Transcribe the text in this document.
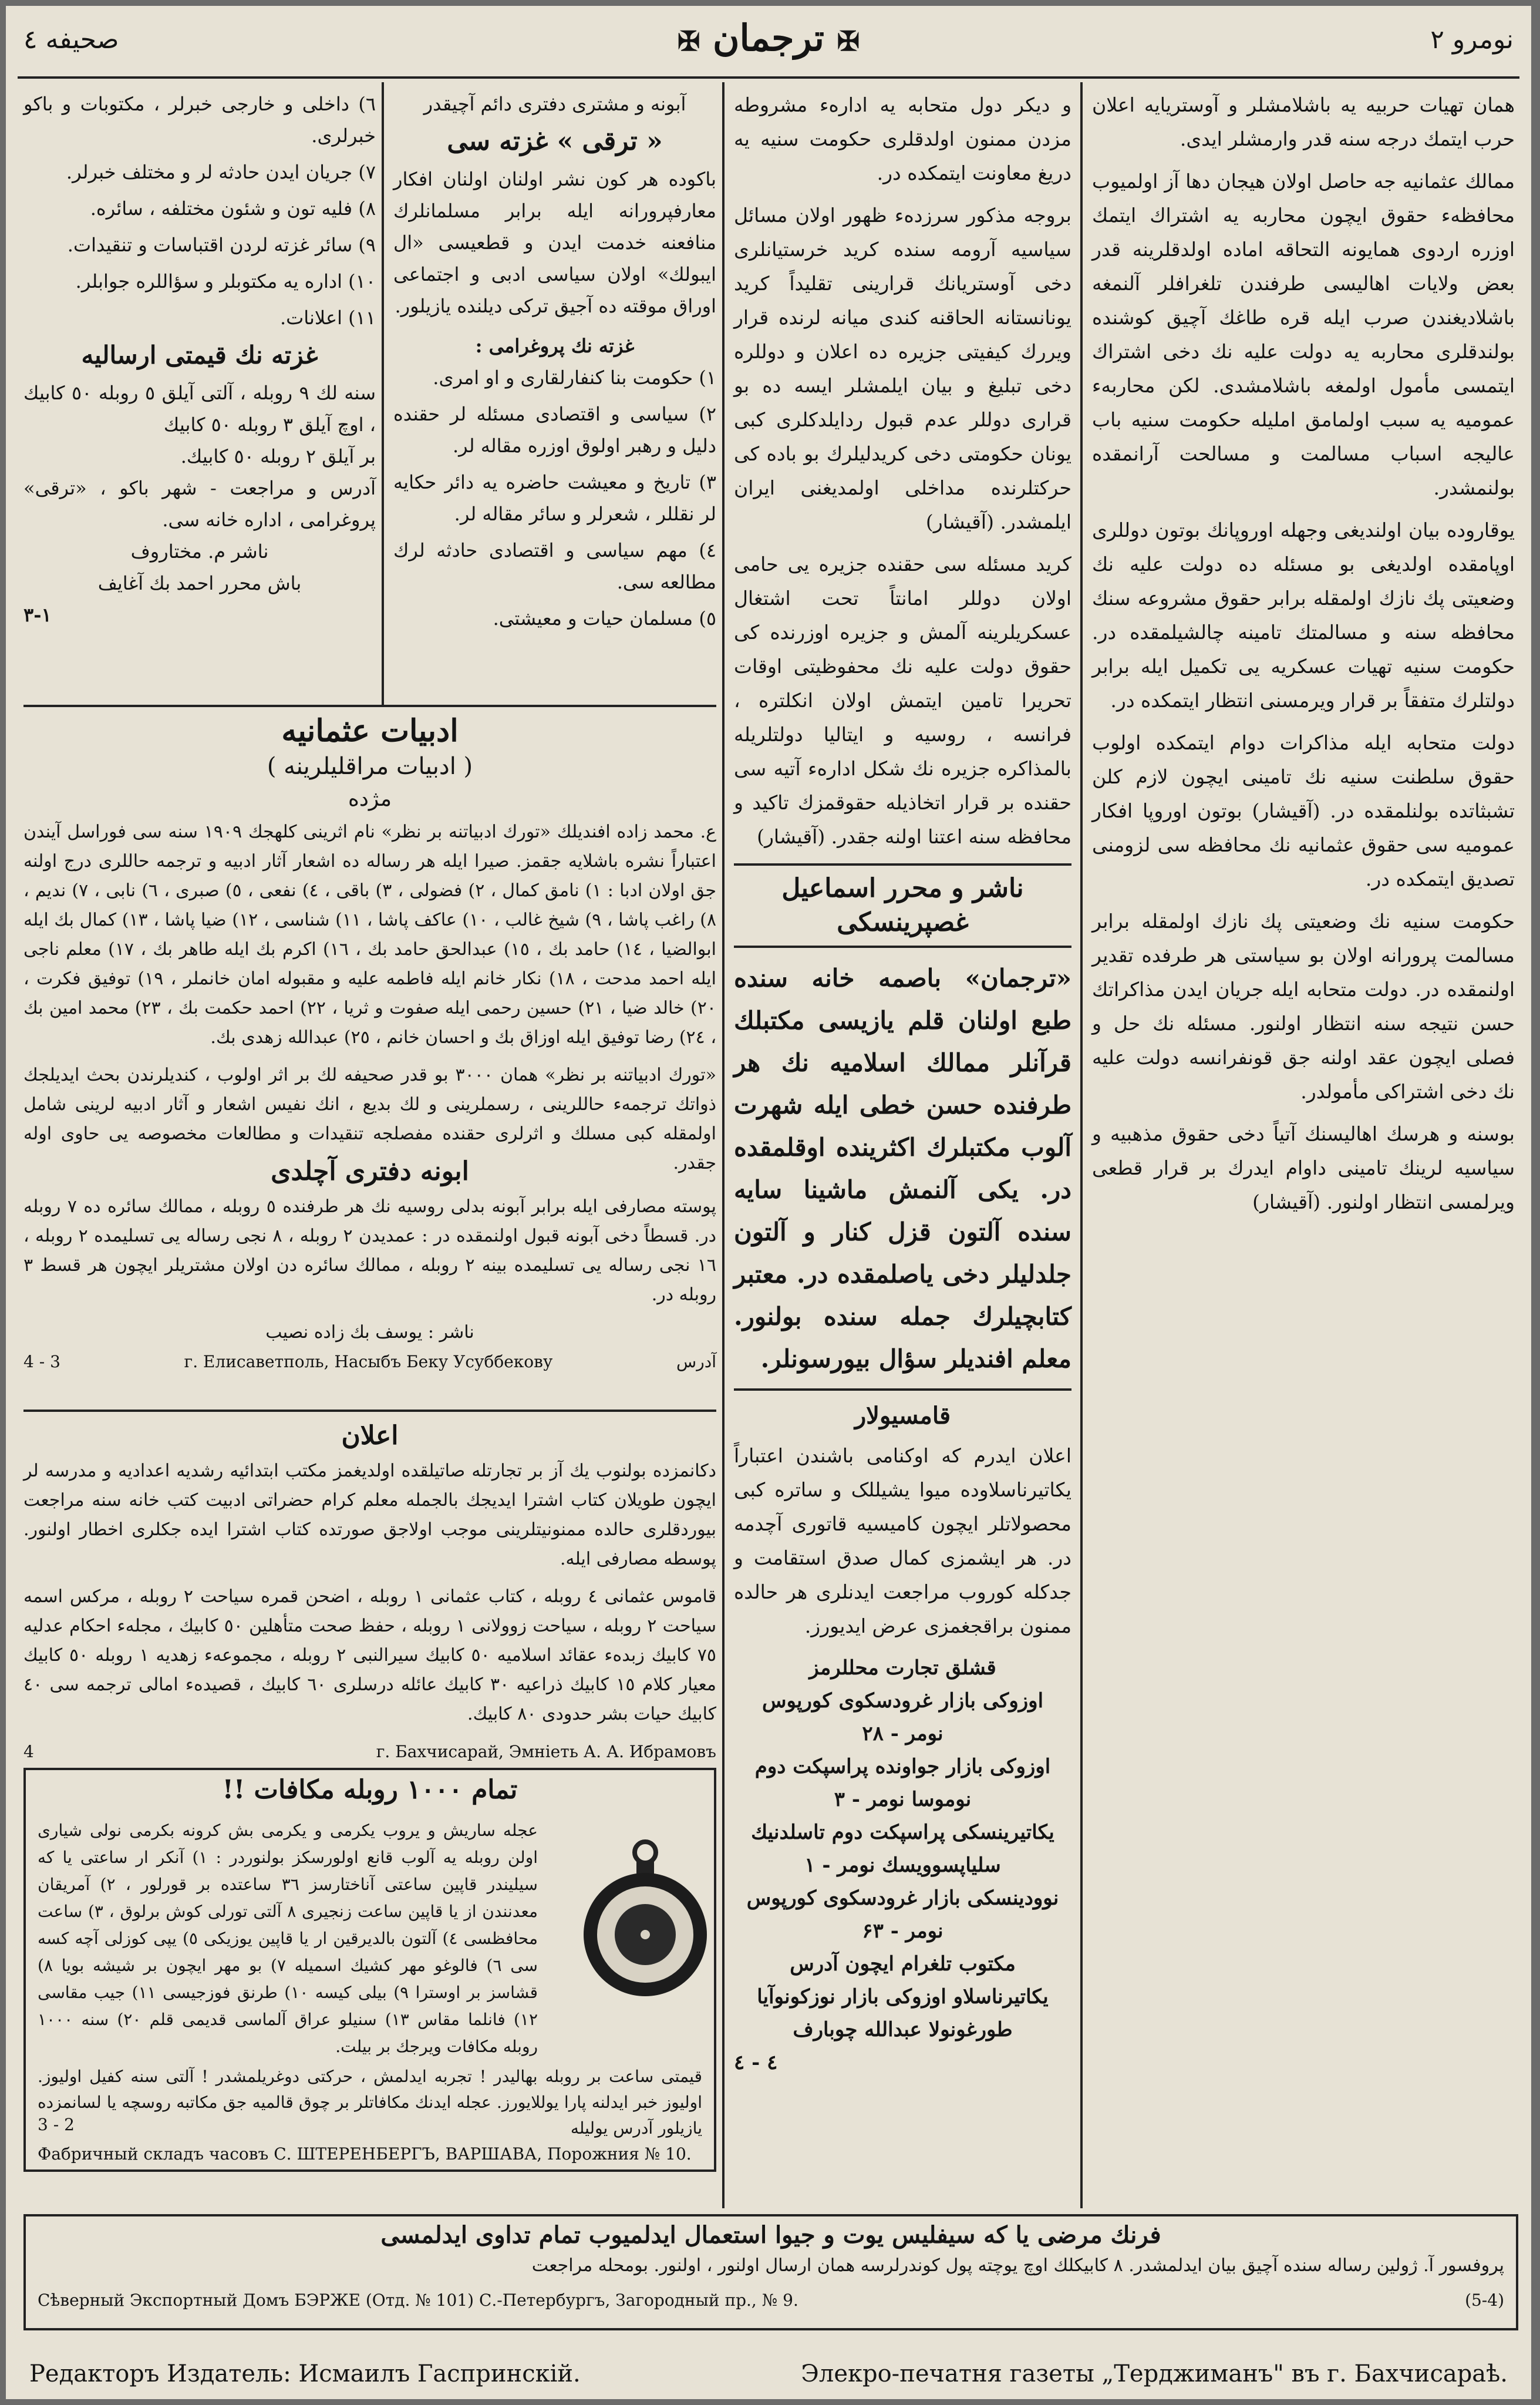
صحیفه ٤	✠ ترجمان ✠	نومرو ۲

همان تهیات حربیه یه باشلامشلر و آوستریایه اعلان حرب ایتمك درجه سنه قدر وارمشلر ایدی.

ممالك عثمانیه جه حاصل اولان هیجان دها آز اولمیوب محافظهء حقوق ایچون محاربه یه اشتراك ایتمك اوزره اردوی همایونه التحاقه اماده اولدقلرینه قدر بعض ولایات اهالیسی طرفندن تلغرافلر آلنمغه باشلادیغندن صرب ایله قره طاغك آچیق کوشنده بولندقلری محاربه یه دولت علیه نك دخی اشتراك ایتمسی مأمول اولمغه باشلامشدی. لکن محاربهء عمومیه یه سبب اولمامق املیله حکومت سنیه باب عالیجه اسباب مسالمت و مسالحت آرانمقده بولنمشدر.

یوقاروده بیان اولندیغی وجهله اوروپانك بوتون دوللری اوپامقده اولدیغی بو مسئله ده دولت علیه نك وضعیتی پك نازك اولمقله برابر حقوق مشروعه سنك محافظه سنه و مسالمتك تامینه چالشیلمقده در. حکومت سنیه تهیات عسکریه یی تکمیل ایله برابر دولتلرك متفقاً بر قرار ویرمسنی انتظار ایتمکده در.

دولت متحابه ایله مذاکرات دوام ایتمکده اولوب حقوق سلطنت سنیه نك تامینی ایچون لازم کلن تشبثاتده بولنلمقده در. (آقیشار) بوتون اوروپا افکار عمومیه سی حقوق عثمانیه نك محافظه سی لزومنی تصدیق ایتمکده در.

حکومت سنیه نك وضعیتی پك نازك اولمقله برابر مسالمت پرورانه اولان بو سیاستی هر طرفده تقدیر اولنمقده در. دولت متحابه ایله جریان ایدن مذاکراتك حسن نتیجه سنه انتظار اولنور. مسئله نك حل و فصلی ایچون عقد اولنه جق قونفرانسه دولت علیه نك دخی اشتراکی مأمولدر.

بوسنه و هرسك اهالیسنك آتیاً دخی حقوق مذهبیه و سیاسیه لرینك تامینی داوام ایدرك بر قرار قطعی ویرلمسی انتظار اولنور. (آقیشار)

و دیکر دول متحابه یه ادارهء مشروطه مزدن ممنون اولدقلری حکومت سنیه یه دریغ معاونت ایتمکده در.

بروجه مذکور سرزدهء ظهور اولان مسائل سیاسیه آرومه سنده کرید خرستیانلری دخی آوستریانك قرارینی تقلیداً کرید یونانستانه الحاقنه کندی میانه لرنده قرار ویررك کیفیتی جزیره ده اعلان و دوللره دخی تبلیغ و بیان ایلمشلر ایسه ده بو قراری دوللر عدم قبول ردایلدکلری کبی یونان حکومتی دخی کریدلیلرك بو باده کی حرکتلرنده مداخلی اولمدیغنی ایران ایلمشدر. (آقیشار)

کرید مسئله سی حقنده جزیره یی حامی اولان دوللر امانتاً تحت اشتغال عسکریلرینه آلمش و جزیره اوزرنده کی حقوق دولت علیه نك محفوظیتی اوقات تحریرا تامین ایتمش اولان انکلتره ، فرانسه ، روسیه و ایتالیا دولتلریله بالمذاکره جزیره نك شکل ادارهء آتیه سی حقنده بر قرار اتخاذیله حقوقمزك تاکید و محافظه سنه اعتنا اولنه جقدر. (آقیشار)

ناشر و محرر اسماعیل غصپرینسکی

«ترجمان» باصمه خانه سنده طبع اولنان قلم یازیسی مکتبلك قرآنلر ممالك اسلامیه نك هر طرفنده حسن خطی ایله شهرت آلوب مکتبلرك اکثرینده اوقلمقده در. یکی آلنمش ماشینا سایه سنده آلتون قزل کنار و آلتون جلدلیلر دخی یاصلمقده در. معتبر کتابچیلرك جمله سنده بولنور. معلم افندیلر سؤال بیورسونلر.

قامسیولار

اعلان ایدرم که اوکنامی باشندن اعتباراً یکاتیرناسلاوده میوا یشیللک و ساتره کبی محصولاتلر ایچون کامیسیه قاتوری آچدمه در. هر ایشمزی کمال صدق استقامت و جدکله کوروب مراجعت ایدنلری هر حالده ممنون براقجغمزی عرض ایدیورز.

قشلق تجارت محللرمز
اوزوکی بازار غرودسکوی کورپوس
نومر - ۲۸
اوزوکی بازار جواونده پراسپکت دوم
نوموسا نومر - ۳
یکاتیرینسکی پراسپکت دوم تاسلدنیك
سلیاپسوویسك نومر - ۱
نوودینسکی بازار غرودسکوی کورپوس
نومر - ۶۳
مکتوب تلغرام ایچون آدرس
یکاتیرناسلاو اوزوکی بازار نوزکونوآیا
طورغونولا عبدالله چوبارف
٤ - ٤
آبونه و مشتری دفتری دائم آچیقدر
« ترقی » غزته سی

باکوده هر کون نشر اولنان اولنان افکار معارفپرورانه ایله برابر مسلمانلرك منافعنه خدمت ایدن و قطعیسی «ال ایبولك» اولان سیاسی ادبی و اجتماعی اوراق موقته ده آجیق ترکی دیلنده یازیلور.

غزته نك پروغرامی :
۱) حکومت بنا کنفارلقاری و او امری.
۲) سیاسی و اقتصادی مسئله لر حقنده دلیل و رهبر اولوق اوزره مقاله لر.
۳) تاریخ و معیشت حاضره یه دائر حکایه لر نقللر ، شعرلر و سائر مقاله لر.
٤) مهم سیاسی و اقتصادی حادثه لرك مطالعه سی.
٥) مسلمان حیات و معیشتی.
٦) داخلی و خارجی خبرلر ، مکتوبات و باکو خبرلری.
۷) جریان ایدن حادثه لر و مختلف خبرلر.
۸) فلیه تون و شئون مختلفه ، سائره.
۹) سائر غزته لردن اقتباسات و تنقیدات.
۱۰) اداره یه مکتوبلر و سؤاللره جوابلر.
۱۱) اعلانات.
غزته نك قیمتی ارسالیه
سنه لك ۹ روبله ، آلتی آیلق ٥ روبله ٥٠ کابیك ، اوچ آیلق ۳ روبله ٥٠ کابیك
بر آیلق ۲ روبله ٥٠ کابیك.
آدرس و مراجعت - شهر باکو ، «ترقی» پروغرامی ، اداره خانه سی.
ناشر م. مختاروف
باش محرر احمد بك آغایف
۳-۱
ادبیات عثمانیه
( ادبیات مراقلیلرینه )
مژده

ع. محمد زاده افندیلك «تورك ادبیاتنه بر نظر» نام اثرینی کلهجك ۱۹۰۹ سنه سی فوراسل آیندن اعتباراً نشره باشلایه جقمز. صیرا ایله هر رساله ده اشعار آثار ادبیه و ترجمه حاللری درج اولنه جق اولان ادبا : ۱) نامق کمال ، ۲) فضولی ، ۳) باقی ، ٤) نفعی ، ٥) صبری ، ٦) نابی ، ۷) ندیم ، ۸) راغب پاشا ، ۹) شیخ غالب ، ۱۰) عاکف پاشا ، ۱۱) شناسی ، ۱۲) ضیا پاشا ، ۱۳) کمال بك ایله ابوالضیا ، ۱٤) حامد بك ، ۱٥) عبدالحق حامد بك ، ۱٦) اکرم بك ایله طاهر بك ، ۱۷) معلم ناجی ایله احمد مدحت ، ۱۸) نکار خانم ایله فاطمه علیه و مقبوله امان خانملر ، ۱۹) توفیق فکرت ، ۲۰) خالد ضیا ، ۲۱) حسین رحمی ایله صفوت و ثریا ، ۲۲) احمد حکمت بك ، ۲۳) محمد امین بك ، ۲٤) رضا توفیق ایله اوزاق بك و احسان خانم ، ۲٥) عبدالله زهدی بك.

«تورك ادبیاتنه بر نظر» همان ۳۰۰۰ بو قدر صحیفه لك بر اثر اولوب ، کندیلرندن بحث ایدیلجك ذواتك ترجمهء حاللرینی ، رسملرینی و لك بدیع ، انك نفیس اشعار و آثار ادبیه لرینی شامل اولمقله کبی مسلك و اثرلری حقنده مفصلجه تنقیدات و مطالعات مخصوصه یی حاوی اوله جقدر.

ابونه دفتری آچلدی

پوسته مصارفی ایله برابر آبونه بدلی روسیه نك هر طرفنده ٥ روبله ، ممالك سائره ده ۷ روبله در. قسطاً دخی آبونه قبول اولنمقده در : عمدیدن ۲ روبله ، ۸ نجی رساله یی تسلیمده ۲ روبله ، ۱٦ نجی رساله یی تسلیمده بینه ۲ روبله ، ممالك سائره دن اولان مشتریلر ایچون هر قسط ۳ روبله در.

ناشر : یوسف بك زاده نصیب
4 - 3	г. Елисаветполь, Насыбъ Беку Усуббекову	آدرس
اعلان

دکانمزده بولنوب یك آز بر تجارتله صاتیلقده اولدیغمز مکتب ابتدائیه رشدیه اعدادیه و مدرسه لر ایچون طویلان کتاب اشترا ایدیجك بالجمله معلم کرام حضراتی ادبیت کتب خانه سنه مراجعت بیوردقلری حالده ممنونیتلرینی موجب اولاجق صورتده کتاب اشترا ایده جکلری اخطار اولنور. پوسطه مصارفی ایله.

قاموس عثمانی ٤ روبله ، کتاب عثمانی ۱ روبله ، اضحن قمره سیاحت ۲ روبله ، مرکس اسمه سیاحت ۲ روبله ، سیاحت زوولانی ۱ روبله ، حفظ صحت متأهلین ٥٠ کابیك ، مجلهء احکام عدلیه ۷٥ کابیك زبدهء عقائد اسلامیه ٥٠ کابیك سیرالنبی ۲ روبله ، مجموعهء زهدیه ۱ روبله ٥٠ کابیك معیار کلام ۱٥ کابیك ذراعیه ۳٠ کابیك عائله درسلری ٦٠ کابیك ، قصیدهء امالی ترجمه سی ٤٠ کابیك حیات بشر حدودی ۸٠ کابیك.

4	г. Бахчисарай, Эмніеть А. А. Ибрамовъ
تمام ۱۰۰۰ روبله مکافات !!
عجله ساریش و یروب یکرمی و یکرمی بش کرونه بکرمی نولی شیاری اولن روبله یه آلوب قانع اولورسکز بولنوردر : ۱) آنکر ار ساعتی یا که سیلیندر قاپین ساعتی آناختارسز ۳٦ ساعتده بر قورلور ، ۲) آمریقان معدنندن از یا قاپین ساعت زنجیری ۸ آلتی تورلی کوش برلوق ، ۳) ساعت محافظسی ٤) آلتون بالدیرقین ار یا قاپین یوزیکی ٥) یپی کوزلی آچه کسه سی ٦) فالوغو مهر کشیك اسمیله ۷) بو مهر ایچون بر شیشه بویا ۸) قشاسز بر اوسترا ۹) بیلی کیسه ۱۰) طرنق فوزجیسی ۱۱) جیب مقاسی ۱۲) فانلما مقاس ۱۳) سنیلو عراق آلماسی قدیمی قلم ۲۰) سنه ۱۰۰۰ روبله مکافات ویرجك بر بیلت.
قیمتی ساعت بر روبله بهالیدر ! تجربه ایدلمش ، حرکتی دوغریلمشدر ! آلتی سنه کفیل اولیوز. اولیوز خبر ایدلنه پارا یوللایورز. عجله ایدنك مکافاتلر بر چوق قالمیه جق مکاتبه روسچه یا لسانمزده یازیلور آدرس یولیله
Фабричный складъ часовъ С. ШТЕРЕНБЕРГЪ, ВАРШАВА, Порожния № 10.
3 - 2
فرنك مرضی یا که سیفلیس یوت و جیوا استعمال ایدلمیوب تمام تداوی ایدلمسی
پروفسور آ. ژولین رساله سنده آچیق بیان ایدلمشدر. ۸ کابیکلك اوچ یوچته پول کوندرلرسه همان ارسال اولنور ، اولنور. بومحله مراجعت
Сѣверный Экспортный Домъ БЭРЖЕ (Отд. № 101) С.-Петербургъ, Загородный пр., № 9.	(5-4)
Редакторъ Издатель: Исмаилъ Гаспринскій.	Элекро-печатня газеты „Терджиманъ" въ г. Бахчисараѣ.
